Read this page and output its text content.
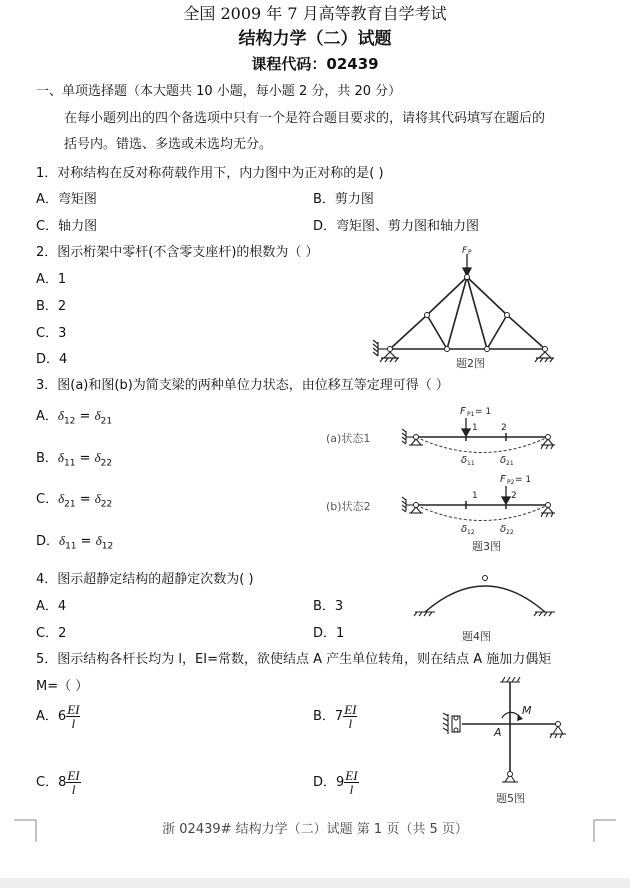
全国 2009 年 7 月高等教育自学考试
结构力学（二）试题
课程代码：02439
一、单项选择题（本大题共 10 小题，每小题 2 分，共 20 分）
在每小题列出的四个备选项中只有一个是符合题目要求的，请将其代码填写在题后的
括号内。错选、多选或未选均无分。
1．对称结构在反对称荷载作用下，内力图中为正对称的是( )
A．弯矩图	B．剪力图
C．轴力图	D．弯矩图、剪力图和轴力图
2．图示桁架中零杆(不含零支座杆)的根数为（ ）
A．1
B．2
C．3
D．4
F P
题2图
3．图(a)和图(b)为简支梁的两种单位力状态，由位移互等定理可得（ ）
A．$\delta_{12} = \delta_{21}$
B．$\delta_{11} = \delta_{22}$
C．$\delta_{21} = \delta_{22}$
D．$\delta_{11} = \delta_{12}$
(a)状态1
F P1 = 1
1	2
δ 11	δ 21
(b)状态2
F P2 = 1
1	2
δ 12	δ 22
题3图
4．图示超静定结构的超静定次数为( )
A．4	B．3
C．2	D．1	题4图
5．图示结构各杆长均为 l，EI=常数，欲使结点 A 产生单位转角，则在结点 A 施加力偶矩
M=（ ）
A．$6 \frac{EI}{l}$	B．$7 \frac{EI}{l}$
C．$8 \frac{EI}{l}$	D．$9 \frac{EI}{l}$
M
A
题5图
浙 02439# 结构力学（二）试题 第 1 页（共 5 页）
